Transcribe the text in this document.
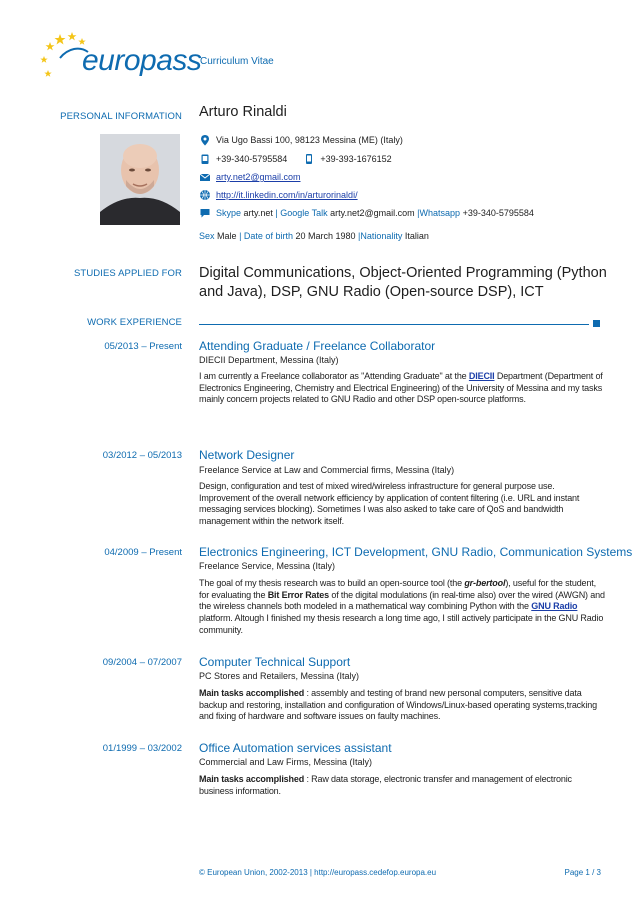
europass
Curriculum Vitae
PERSONAL INFORMATION Arturo Rinaldi
Via Ugo Bassi 100, 98123 Messina (ME) (Italy)
+39-340-5795584	+39-393-1676152
arty.net2@gmail.com
http://it.linkedin.com/in/arturorinaldi/
Skype
arty.net
|
Google Talk
arty.net2@gmail.com
| Whatsapp
+39-340-5795584
Sex
Male
|
Date of birth
20 March 1980
| Nationality
Italian
STUDIES APPLIED FOR Digital Communications, Object-Oriented Programming (Python and Java), DSP, GNU Radio (Open-source DSP), ICT
WORK EXPERIENCE
05/2013 – Present Attending Graduate / Freelance Collaborator
DIECII Department, Messina (Italy)
I am currently a Freelance collaborator as "Attending Graduate" at the DIECII Department (Department of Electronics Engineering, Chemistry and Electrical Engineering) of the University of Messina and my tasks mainly concern projects related to GNU Radio and other DSP open-source platforms.
03/2012 – 05/2013 Network Designer
Freelance Service at Law and Commercial firms, Messina (Italy)
Design, configuration and test of mixed wired/wireless infrastructure for general purpose use. Improvement of the overall network efficiency by application of content filtering (i.e. URL and instant messaging services blocking). Sometimes I was also asked to take care of QoS and bandwidth management within the network itself.
04/2009 – Present Electronics Engineering, ICT Development, GNU Radio, Communication Systems
Freelance Service, Messina (Italy)
The goal of my thesis research was to build an open-source tool (the gr-bertool), useful for the student, for evaluating the Bit Error Rates of the digital modulations (in real-time also) over the wired (AWGN) and the wireless channels both modeled in a mathematical way combining Python with the GNU Radio platform. Altough I finished my thesis research a long time ago, I still actively participate in the GNU Radio community.
09/2004 – 07/2007 Computer Technical Support
PC Stores and Retailers, Messina (Italy)
Main tasks accomplished : assembly and testing of brand new personal computers, sensitive data backup and restoring, installation and configuration of Windows/Linux-based operating systems,tracking and fixing of hardware and software issues on faulty machines.
01/1999 – 03/2002 Office Automation services assistant
Commercial and Law Firms, Messina (Italy)
Main tasks accomplished : Raw data storage, electronic transfer and management of electronic business information.
© European Union, 2002-2013 | http://europass.cedefop.europa.eu	Page 1 / 3
